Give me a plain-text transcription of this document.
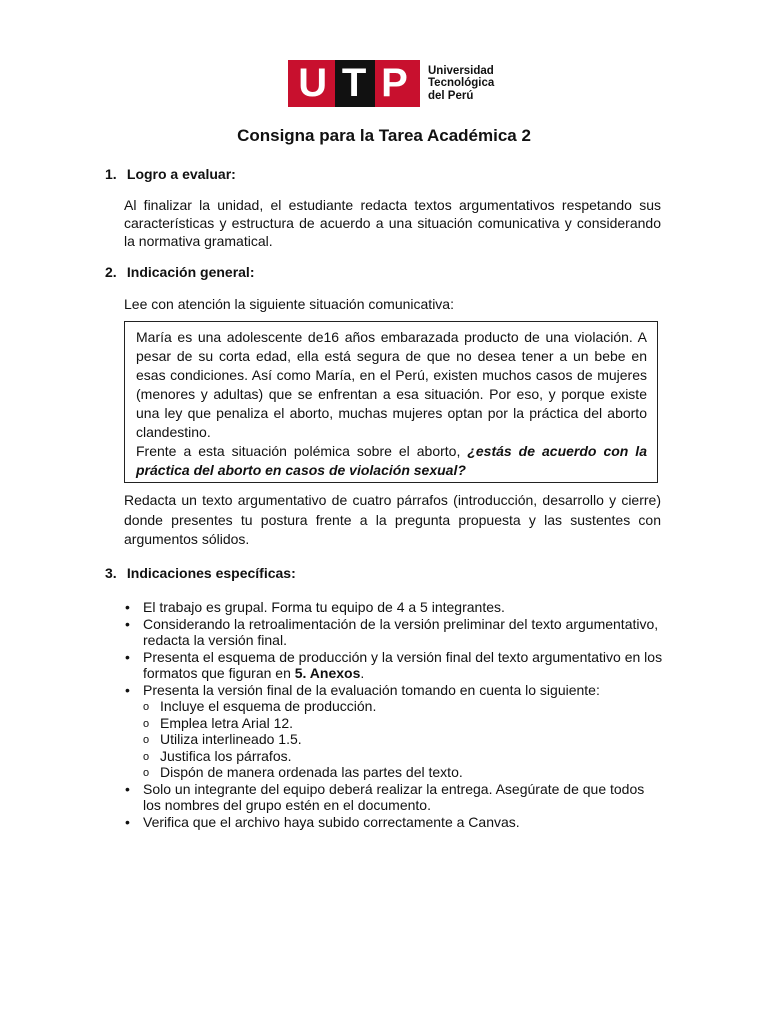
U T P Universidad
Tecnológica
del Perú
Consigna para la Tarea Académica 2
1. Logro a evaluar:
Al finalizar la unidad, el estudiante redacta textos argumentativos respetando sus características y estructura de acuerdo a una situación comunicativa y considerando la normativa gramatical.
2. Indicación general:
Lee con atención la siguiente situación comunicativa:
María es una adolescente de16 años embarazada producto de una violación. A pesar de su corta edad, ella está segura de que no desea tener a un bebe en esas condiciones. Así como María, en el Perú, existen muchos casos de mujeres (menores y adultas) que se enfrentan a esa situación. Por eso, y porque existe una ley que penaliza el aborto, muchas mujeres optan por la práctica del aborto clandestino.
Frente a esta situación polémica sobre el aborto, ¿estás de acuerdo con la práctica del aborto en casos de violación sexual?
Redacta un texto argumentativo de cuatro párrafos (introducción, desarrollo y cierre) donde presentes tu postura frente a la pregunta propuesta y las sustentes con argumentos sólidos.
3. Indicaciones específicas:
• El trabajo es grupal. Forma tu equipo de 4 a 5 integrantes.
• Considerando la retroalimentación de la versión preliminar del texto argumentativo, redacta la versión final.
• Presenta el esquema de producción y la versión final del texto argumentativo en los formatos que figuran en 5. Anexos.
• Presenta la versión final de la evaluación tomando en cuenta lo siguiente:
o Incluye el esquema de producción.
o Emplea letra Arial 12.
o Utiliza interlineado 1.5.
o Justifica los párrafos.
o Dispón de manera ordenada las partes del texto.
• Solo un integrante del equipo deberá realizar la entrega. Asegúrate de que todos los nombres del grupo estén en el documento.
• Verifica que el archivo haya subido correctamente a Canvas.
